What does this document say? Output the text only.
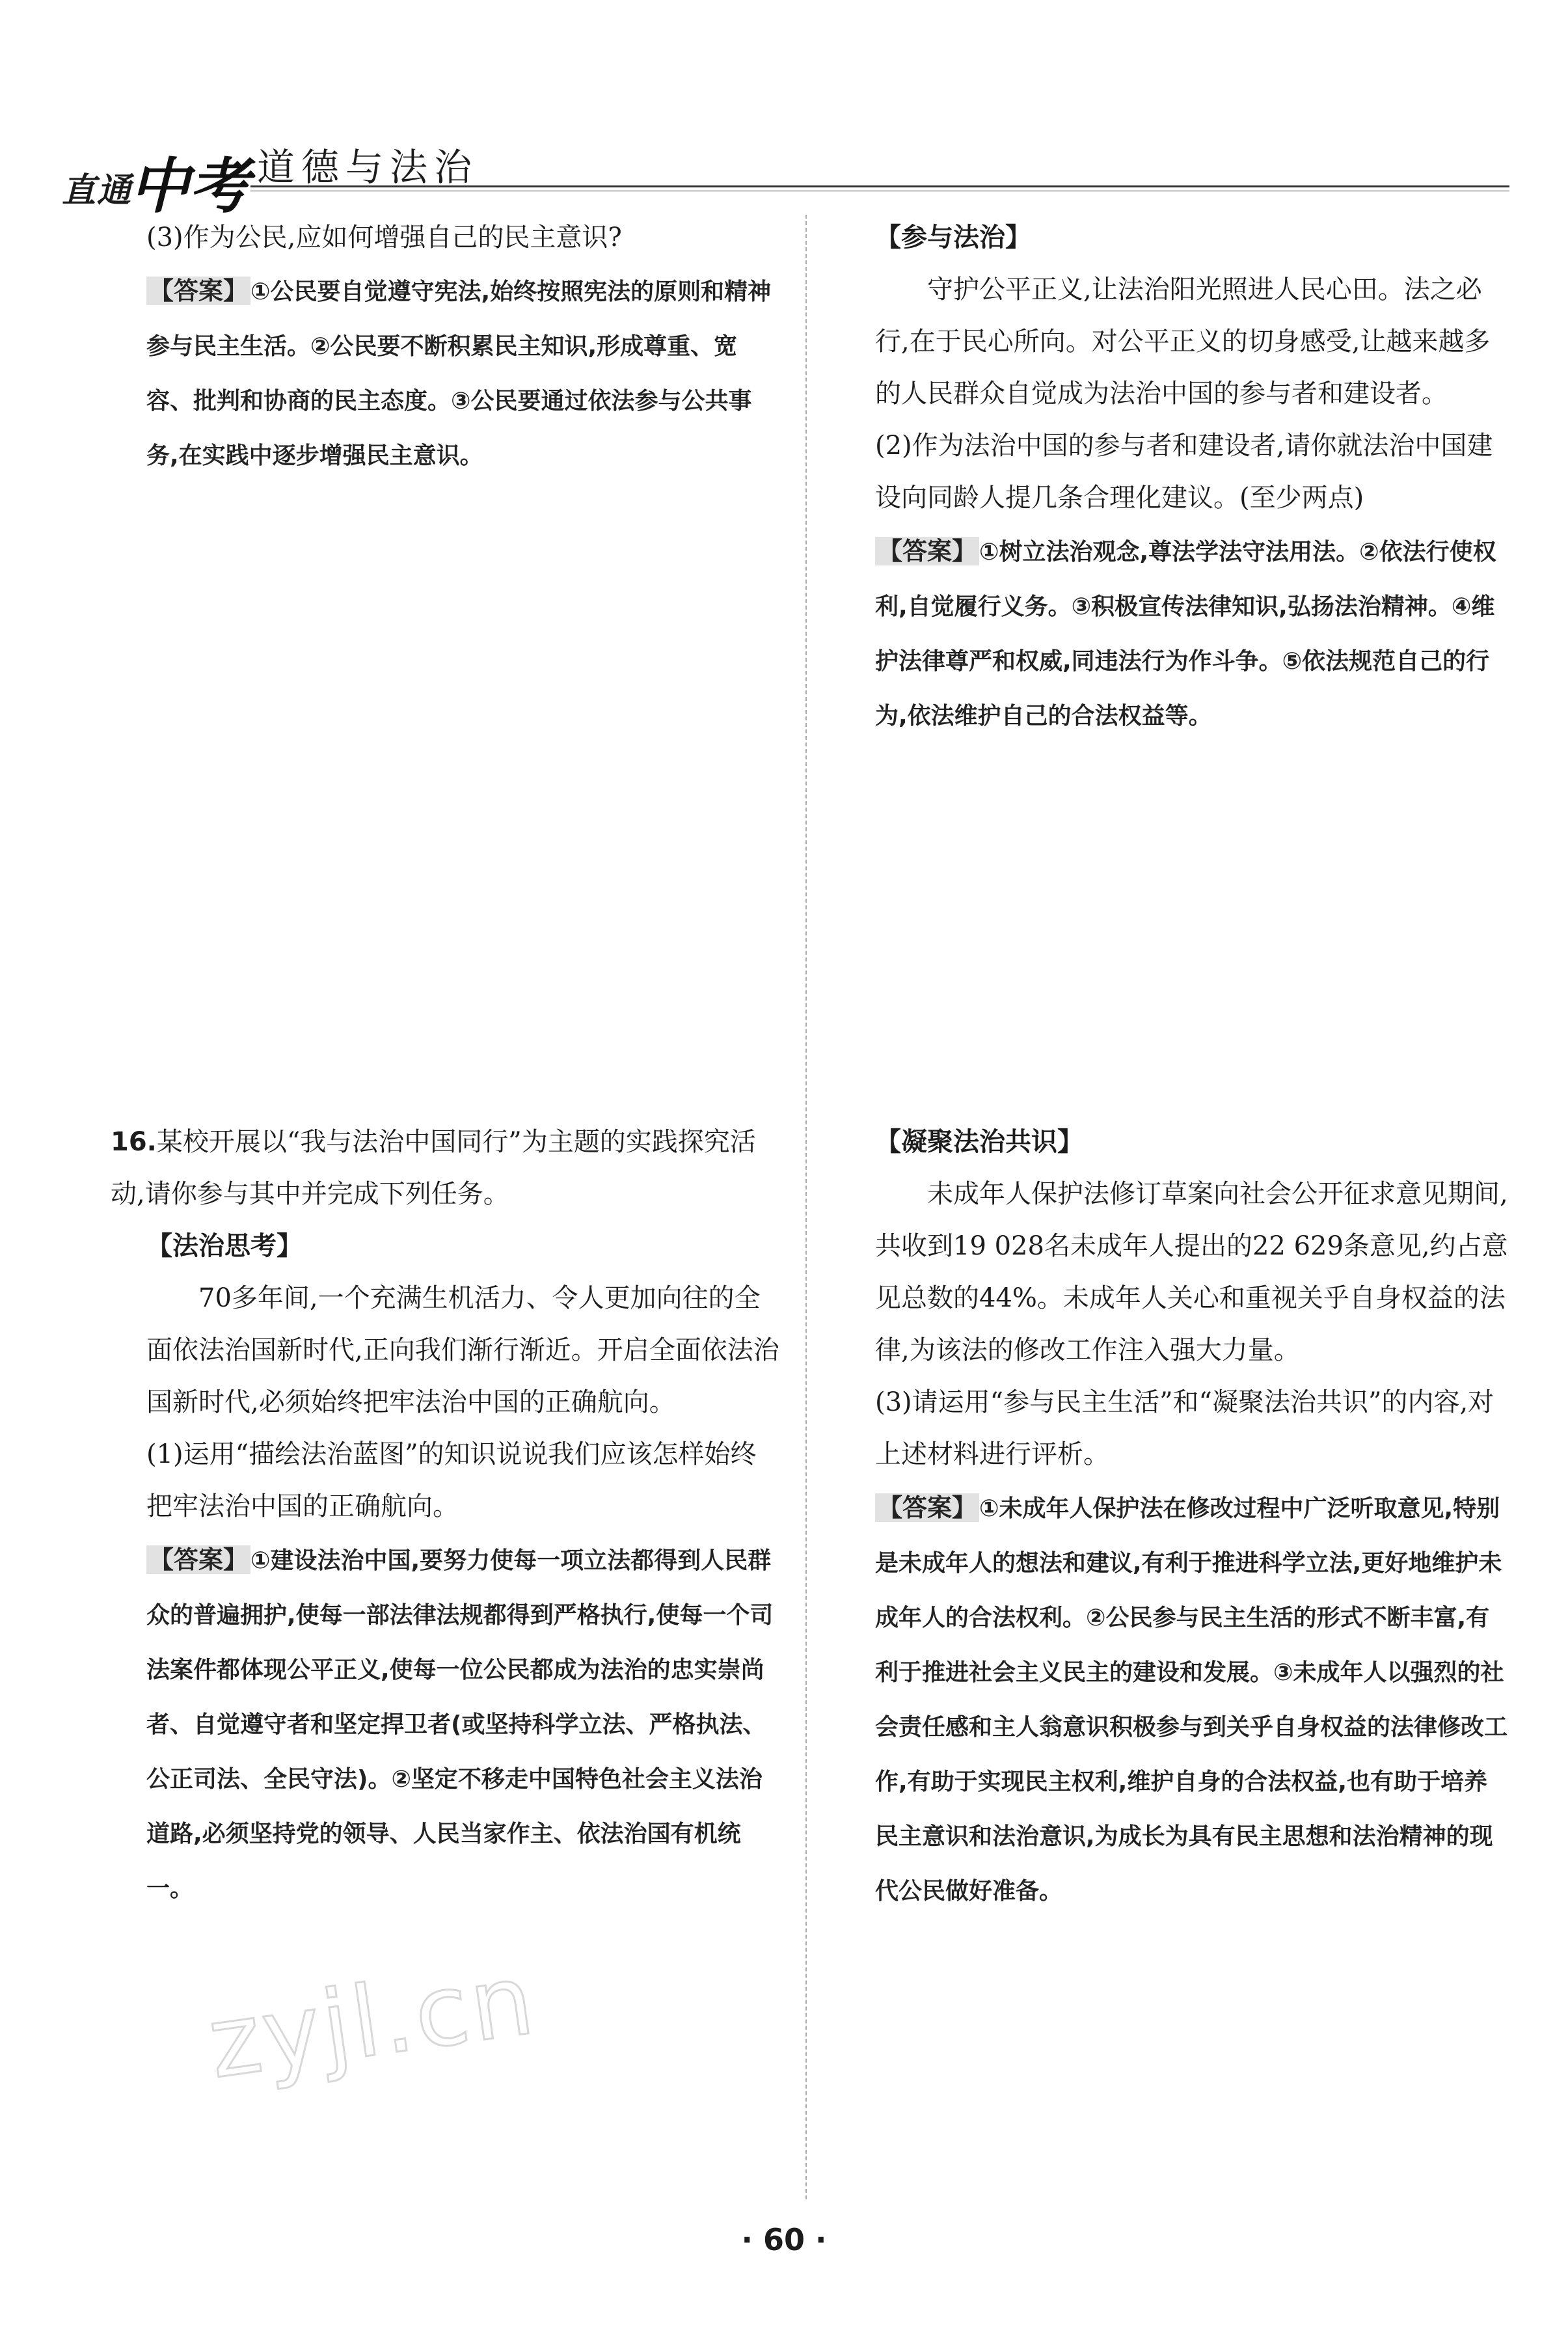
直通中考 道德与法治

(3)作为公民,应如何增强自己的民主意识?

【答案】 ①公民要自觉遵守宪法,始终按照宪法的原则和精神参与民主生活。②公民要不断积累民主知识,形成尊重、宽容、批判和协商的民主态度。③公民要通过依法参与公共事务,在实践中逐步增强民主意识。

【参与法治】

守护公平正义,让法治阳光照进人民心田。法之必行,在于民心所向。对公平正义的切身感受,让越来越多的人民群众自觉成为法治中国的参与者和建设者。

(2)作为法治中国的参与者和建设者,请你就法治中国建设向同龄人提几条合理化建议。(至少两点)

【答案】 ①树立法治观念,尊法学法守法用法。②依法行使权利,自觉履行义务。③积极宣传法律知识,弘扬法治精神。④维护法律尊严和权威,同违法行为作斗争。⑤依法规范自己的行为,依法维护自己的合法权益等。

16.某校开展以“我与法治中国同行”为主题的实践探究活动,请你参与其中并完成下列任务。

【法治思考】

70多年间,一个充满生机活力、令人更加向往的全面依法治国新时代,正向我们渐行渐近。开启全面依法治国新时代,必须始终把牢法治中国的正确航向。

(1)运用“描绘法治蓝图”的知识说说我们应该怎样始终把牢法治中国的正确航向。

【答案】 ①建设法治中国,要努力使每一项立法都得到人民群众的普遍拥护,使每一部法律法规都得到严格执行,使每一个司法案件都体现公平正义,使每一位公民都成为法治的忠实崇尚者、自觉遵守者和坚定捍卫者(或坚持科学立法、严格执法、公正司法、全民守法)。②坚定不移走中国特色社会主义法治道路,必须坚持党的领导、人民当家作主、依法治国有机统一。

【凝聚法治共识】

未成年人保护法修订草案向社会公开征求意见期间,共收到19 028名未成年人提出的22 629条意见,约占意见总数的44%。未成年人关心和重视关乎自身权益的法律,为该法的修改工作注入强大力量。

(3)请运用“参与民主生活”和“凝聚法治共识”的内容,对上述材料进行评析。

【答案】 ①未成年人保护法在修改过程中广泛听取意见,特别是未成年人的想法和建议,有利于推进科学立法,更好地维护未成年人的合法权利。②公民参与民主生活的形式不断丰富,有利于推进社会主义民主的建设和发展。③未成年人以强烈的社会责任感和主人翁意识积极参与到关乎自身权益的法律修改工作,有助于实现民主权利,维护自身的合法权益,也有助于培养民主意识和法治意识,为成长为具有民主思想和法治精神的现代公民做好准备。

zyjl.cn
· 60 ·
